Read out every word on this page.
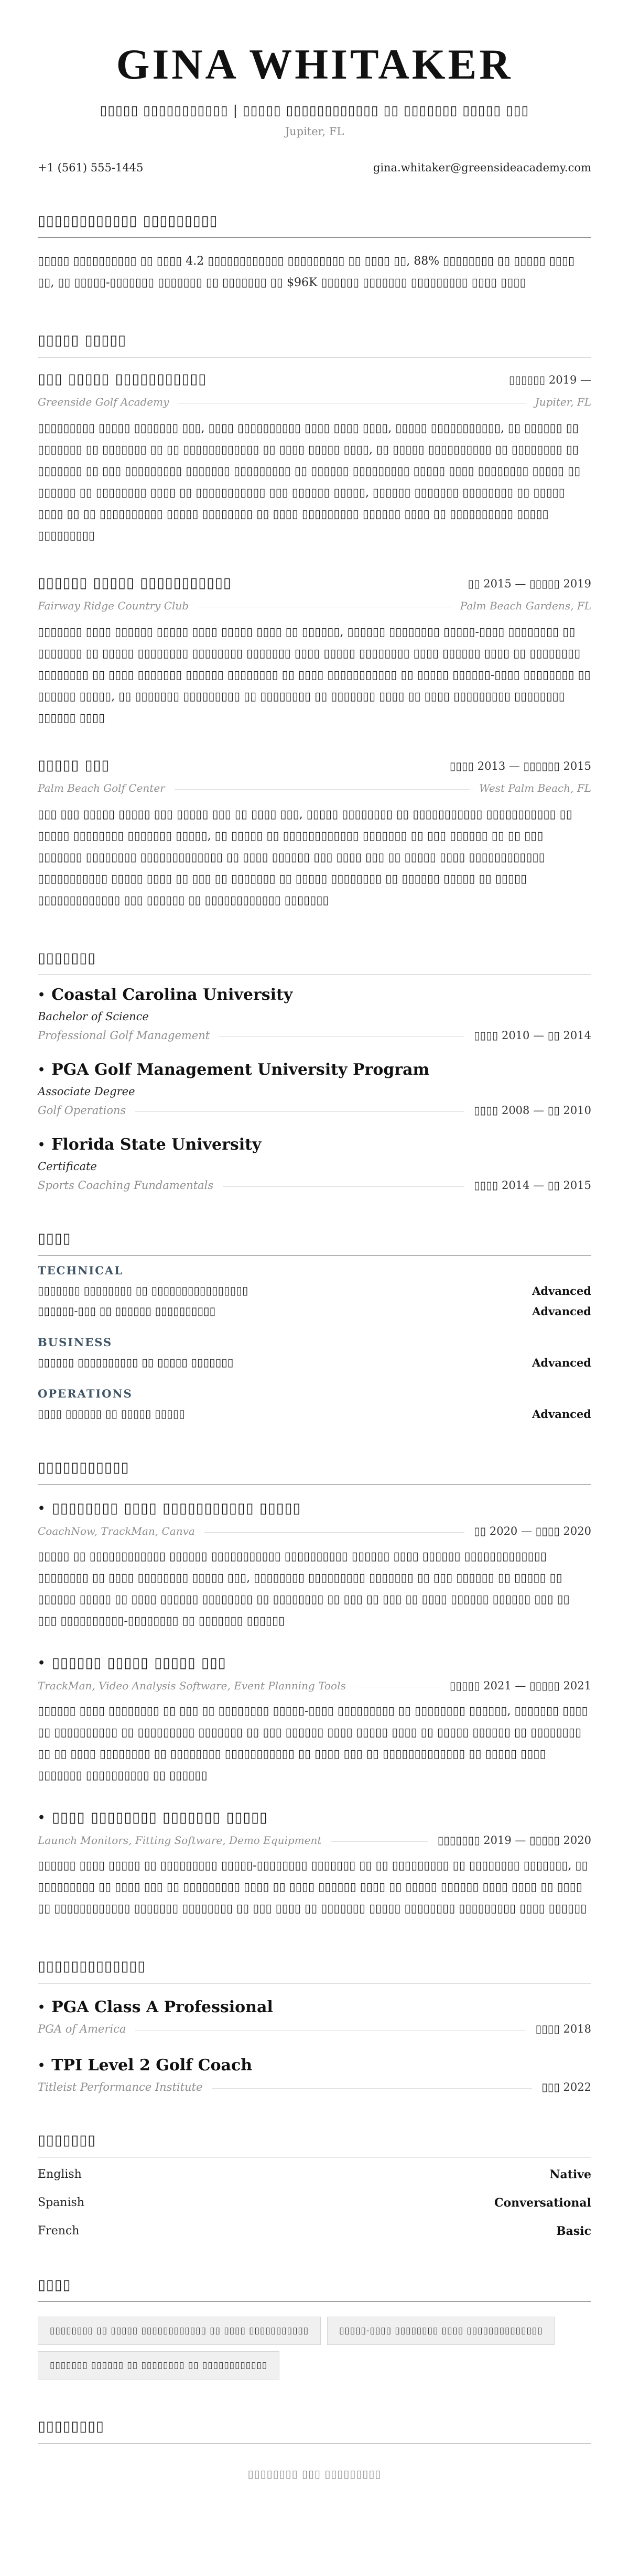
GINA WHITAKER
▯▯▯▯▯ ▯▯▯▯▯▯▯▯▯▯▯ | ▯▯▯▯▯ ▯▯▯▯▯▯▯▯▯▯▯▯ ▯▯ ▯▯▯▯▯▯▯ ▯▯▯▯▯ ▯▯▯
Jupiter, FL
+1 (561) 555-1445	gina.whitaker@greensideacademy.com
▯▯▯▯▯▯▯▯▯▯▯▯ ▯▯▯▯▯▯▯▯▯

▯▯▯▯▯ ▯▯▯▯▯▯▯▯▯▯ ▯▯ ▯▯▯▯ 4.2 ▯▯▯▯▯▯▯▯▯▯▯▯ ▯▯▯▯▯▯▯▯▯ ▯▯ ▯▯▯▯ ▯▯, 88% ▯▯▯▯▯▯▯▯ ▯▯ ▯▯▯▯▯ ▯▯▯▯ ▯▯, ▯▯ ▯▯▯▯▯-▯▯▯▯▯▯▯ ▯▯▯▯▯▯▯ ▯▯ ▯▯▯▯▯▯▯ ▯▯ $96K ▯▯▯▯▯▯ ▯▯▯▯▯▯▯ ▯▯▯▯▯▯▯▯▯ ▯▯▯▯ ▯▯▯▯

▯▯▯▯▯ ▯▯▯▯▯
▯▯▯ ▯▯▯▯▯ ▯▯▯▯▯▯▯▯▯▯▯	▯▯▯▯▯▯ 2019 —
Greenside Golf Academy	Jupiter, FL

▯▯▯▯▯▯▯▯▯ ▯▯▯▯▯ ▯▯▯▯▯▯▯ ▯▯▯, ▯▯▯▯ ▯▯▯▯▯▯▯▯▯▯ ▯▯▯▯ ▯▯▯▯ ▯▯▯▯, ▯▯▯▯▯ ▯▯▯▯▯▯▯▯▯▯▯, ▯▯ ▯▯▯▯▯▯ ▯▯ ▯▯▯▯▯▯▯ ▯▯ ▯▯▯▯▯▯▯ ▯▯ ▯▯ ▯▯▯▯▯▯▯▯▯▯▯▯ ▯▯ ▯▯▯▯ ▯▯▯▯▯ ▯▯▯▯, ▯▯ ▯▯▯▯▯ ▯▯▯▯▯▯▯▯▯▯ ▯▯ ▯▯▯▯▯▯▯▯ ▯▯ ▯▯▯▯▯▯▯ ▯▯ ▯▯▯ ▯▯▯▯▯▯▯▯▯ ▯▯▯▯▯▯▯ ▯▯▯▯▯▯▯▯▯ ▯▯ ▯▯▯▯▯▯ ▯▯▯▯▯▯▯▯▯ ▯▯▯▯▯ ▯▯▯▯ ▯▯▯▯▯▯▯▯ ▯▯▯▯▯ ▯▯ ▯▯▯▯▯▯ ▯▯ ▯▯▯▯▯▯▯▯ ▯▯▯▯ ▯▯ ▯▯▯▯▯▯▯▯▯▯▯ ▯▯▯ ▯▯▯▯▯▯ ▯▯▯▯▯, ▯▯▯▯▯▯ ▯▯▯▯▯▯▯ ▯▯▯▯▯▯▯▯ ▯▯ ▯▯▯▯▯ ▯▯▯▯ ▯▯ ▯▯ ▯▯▯▯▯▯▯▯▯▯ ▯▯▯▯▯ ▯▯▯▯▯▯▯▯ ▯▯ ▯▯▯▯ ▯▯▯▯▯▯▯▯▯ ▯▯▯▯▯▯ ▯▯▯▯ ▯▯ ▯▯▯▯▯▯▯▯▯▯ ▯▯▯▯▯ ▯▯▯▯▯▯▯▯▯

▯▯▯▯▯▯ ▯▯▯▯▯ ▯▯▯▯▯▯▯▯▯▯▯	▯▯ 2015 — ▯▯▯▯▯ 2019
Fairway Ridge Country Club	Palm Beach Gardens, FL

▯▯▯▯▯▯▯ ▯▯▯▯ ▯▯▯▯▯▯ ▯▯▯▯▯ ▯▯▯▯ ▯▯▯▯▯ ▯▯▯▯ ▯▯ ▯▯▯▯▯▯, ▯▯▯▯▯▯ ▯▯▯▯▯▯▯▯ ▯▯▯▯▯-▯▯▯▯ ▯▯▯▯▯▯▯▯ ▯▯ ▯▯▯▯▯▯▯ ▯▯ ▯▯▯▯▯ ▯▯▯▯▯▯▯▯ ▯▯▯▯▯▯▯▯ ▯▯▯▯▯▯▯ ▯▯▯▯ ▯▯▯▯▯ ▯▯▯▯▯▯▯▯ ▯▯▯▯ ▯▯▯▯▯▯ ▯▯▯▯ ▯▯ ▯▯▯▯▯▯▯▯ ▯▯▯▯▯▯▯▯ ▯▯ ▯▯▯▯ ▯▯▯▯▯▯▯ ▯▯▯▯▯▯ ▯▯▯▯▯▯▯▯ ▯▯ ▯▯▯▯ ▯▯▯▯▯▯▯▯▯▯▯ ▯▯ ▯▯▯▯▯ ▯▯▯▯▯▯-▯▯▯▯ ▯▯▯▯▯▯▯▯ ▯▯ ▯▯▯▯▯▯ ▯▯▯▯▯, ▯▯ ▯▯▯▯▯▯▯ ▯▯▯▯▯▯▯▯▯ ▯▯ ▯▯▯▯▯▯▯▯ ▯▯ ▯▯▯▯▯▯▯ ▯▯▯▯ ▯▯ ▯▯▯▯ ▯▯▯▯▯▯▯▯▯ ▯▯▯▯▯▯▯▯ ▯▯▯▯▯▯ ▯▯▯▯

▯▯▯▯▯ ▯▯▯	▯▯▯▯ 2013 — ▯▯▯▯▯▯ 2015
Palm Beach Golf Center	West Palm Beach, FL

▯▯▯ ▯▯▯ ▯▯▯▯▯ ▯▯▯▯▯ ▯▯▯ ▯▯▯▯▯ ▯▯▯ ▯▯ ▯▯▯▯ ▯▯▯, ▯▯▯▯▯ ▯▯▯▯▯▯▯▯ ▯▯ ▯▯▯▯▯▯▯▯▯▯▯ ▯▯▯▯▯▯▯▯▯▯▯ ▯▯ ▯▯▯▯▯ ▯▯▯▯▯▯▯▯ ▯▯▯▯▯▯▯ ▯▯▯▯▯, ▯▯ ▯▯▯▯▯ ▯▯ ▯▯▯▯▯▯▯▯▯▯▯▯ ▯▯▯▯▯▯▯ ▯▯ ▯▯▯ ▯▯▯▯▯▯ ▯▯ ▯▯ ▯▯▯ ▯▯▯▯▯▯▯ ▯▯▯▯▯▯▯▯ ▯▯▯▯▯▯▯▯▯▯▯▯▯ ▯▯ ▯▯▯▯ ▯▯▯▯▯▯ ▯▯▯ ▯▯▯▯ ▯▯▯ ▯▯ ▯▯▯▯▯ ▯▯▯▯ ▯▯▯▯▯▯▯▯▯▯▯▯ ▯▯▯▯▯▯▯▯▯▯▯ ▯▯▯▯▯ ▯▯▯▯ ▯▯ ▯▯▯ ▯▯ ▯▯▯▯▯▯▯ ▯▯ ▯▯▯▯▯ ▯▯▯▯▯▯▯▯ ▯▯ ▯▯▯▯▯▯ ▯▯▯▯▯ ▯▯ ▯▯▯▯▯ ▯▯▯▯▯▯▯▯▯▯▯▯▯ ▯▯▯ ▯▯▯▯▯▯ ▯▯ ▯▯▯▯▯▯▯▯▯▯▯▯ ▯▯▯▯▯▯▯

▯▯▯▯▯▯▯
• Coastal Carolina University
Bachelor of Science
Professional Golf Management	▯▯▯▯ 2010 — ▯▯ 2014
• PGA Golf Management University Program
Associate Degree
Golf Operations	▯▯▯▯ 2008 — ▯▯ 2010
• Florida State University
Certificate
Sports Coaching Fundamentals	▯▯▯▯ 2014 — ▯▯ 2015
▯▯▯▯
TECHNICAL
▯▯▯▯▯▯▯ ▯▯▯▯▯▯▯▯ ▯▯ ▯▯▯▯▯▯▯▯▯▯▯▯▯▯▯▯	Advanced
▯▯▯▯▯▯-▯▯▯ ▯▯ ▯▯▯▯▯▯ ▯▯▯▯▯▯▯▯▯▯	Advanced
BUSINESS
▯▯▯▯▯▯ ▯▯▯▯▯▯▯▯▯▯ ▯▯ ▯▯▯▯▯ ▯▯▯▯▯▯▯	Advanced
OPERATIONS
▯▯▯▯ ▯▯▯▯▯▯ ▯▯ ▯▯▯▯▯ ▯▯▯▯▯	Advanced
▯▯▯▯▯▯▯▯▯▯▯
• ▯▯▯▯▯▯▯▯ ▯▯▯▯ ▯▯▯▯▯▯▯▯▯▯▯ ▯▯▯▯▯
CoachNow, TrackMan, Canva	▯▯ 2020 — ▯▯▯▯ 2020

▯▯▯▯▯ ▯▯ ▯▯▯▯▯▯▯▯▯▯▯▯ ▯▯▯▯▯▯ ▯▯▯▯▯▯▯▯▯▯▯ ▯▯▯▯▯▯▯▯▯▯ ▯▯▯▯▯▯ ▯▯▯▯ ▯▯▯▯▯▯ ▯▯▯▯▯▯▯▯▯▯▯▯▯ ▯▯▯▯▯▯▯▯ ▯▯ ▯▯▯▯ ▯▯▯▯▯▯▯▯ ▯▯▯▯▯ ▯▯▯, ▯▯▯▯▯▯▯▯ ▯▯▯▯▯▯▯▯▯ ▯▯▯▯▯▯▯ ▯▯ ▯▯▯ ▯▯▯▯▯▯ ▯▯ ▯▯▯▯▯ ▯▯ ▯▯▯▯▯▯ ▯▯▯▯▯ ▯▯ ▯▯▯▯ ▯▯▯▯▯▯ ▯▯▯▯▯▯▯▯ ▯▯ ▯▯▯▯▯▯▯▯ ▯▯ ▯▯▯ ▯▯ ▯▯▯ ▯▯ ▯▯▯▯ ▯▯▯▯▯▯ ▯▯▯▯▯▯ ▯▯▯ ▯▯ ▯▯▯ ▯▯▯▯▯▯▯▯▯▯-▯▯▯▯▯▯▯▯ ▯▯ ▯▯▯▯▯▯▯ ▯▯▯▯▯▯

• ▯▯▯▯▯▯ ▯▯▯▯▯ ▯▯▯▯▯ ▯▯▯
TrackMan, Video Analysis Software, Event Planning Tools	▯▯▯▯▯ 2021 — ▯▯▯▯▯ 2021

▯▯▯▯▯▯ ▯▯▯▯ ▯▯▯▯▯▯▯▯ ▯▯ ▯▯▯ ▯▯ ▯▯▯▯▯▯▯▯ ▯▯▯▯▯-▯▯▯▯ ▯▯▯▯▯▯▯▯▯ ▯▯ ▯▯▯▯▯▯▯▯ ▯▯▯▯▯▯, ▯▯▯▯▯▯▯ ▯▯▯▯ ▯▯ ▯▯▯▯▯▯▯▯▯▯ ▯▯ ▯▯▯▯▯▯▯▯▯ ▯▯▯▯▯▯▯ ▯▯ ▯▯▯ ▯▯▯▯▯▯ ▯▯▯▯ ▯▯▯▯▯ ▯▯▯▯ ▯▯ ▯▯▯▯▯ ▯▯▯▯▯▯ ▯▯ ▯▯▯▯▯▯▯▯ ▯▯ ▯▯ ▯▯▯▯ ▯▯▯▯▯▯▯▯ ▯▯ ▯▯▯▯▯▯▯▯ ▯▯▯▯▯▯▯▯▯▯▯ ▯▯ ▯▯▯▯ ▯▯▯ ▯▯ ▯▯▯▯▯▯▯▯▯▯▯▯▯ ▯▯ ▯▯▯▯▯ ▯▯▯▯ ▯▯▯▯▯▯▯ ▯▯▯▯▯▯▯▯▯▯ ▯▯ ▯▯▯▯▯▯

• ▯▯▯▯ ▯▯▯▯▯▯▯▯ ▯▯▯▯▯▯▯ ▯▯▯▯▯
Launch Monitors, Fitting Software, Demo Equipment	▯▯▯▯▯▯▯ 2019 — ▯▯▯▯▯ 2020

▯▯▯▯▯▯ ▯▯▯▯ ▯▯▯▯▯ ▯▯ ▯▯▯▯▯▯▯▯▯ ▯▯▯▯▯-▯▯▯▯▯▯▯▯ ▯▯▯▯▯▯▯ ▯▯ ▯▯ ▯▯▯▯▯▯▯▯▯ ▯▯ ▯▯▯▯▯▯▯▯ ▯▯▯▯▯▯▯, ▯▯ ▯▯▯▯▯▯▯▯▯ ▯▯ ▯▯▯▯ ▯▯▯ ▯▯ ▯▯▯▯▯▯▯▯▯ ▯▯▯▯ ▯▯ ▯▯▯▯ ▯▯▯▯▯▯ ▯▯▯▯ ▯▯ ▯▯▯▯▯ ▯▯▯▯▯▯ ▯▯▯▯ ▯▯▯▯ ▯▯ ▯▯▯▯ ▯▯ ▯▯▯▯▯▯▯▯▯▯▯▯ ▯▯▯▯▯▯▯ ▯▯▯▯▯▯▯▯ ▯▯ ▯▯▯ ▯▯▯▯ ▯▯ ▯▯▯▯▯▯▯ ▯▯▯▯▯ ▯▯▯▯▯▯▯▯ ▯▯▯▯▯▯▯▯▯ ▯▯▯▯ ▯▯▯▯▯▯

▯▯▯▯▯▯▯▯▯▯▯▯▯
• PGA Class A Professional
PGA of America	▯▯▯▯ 2018
• TPI Level 2 Golf Coach
Titleist Performance Institute	▯▯▯ 2022
▯▯▯▯▯▯▯
English	Native
Spanish	Conversational
French	Basic
▯▯▯▯
▯▯▯▯▯▯▯▯ ▯▯ ▯▯▯▯▯ ▯▯▯▯▯▯▯▯▯▯▯▯ ▯▯ ▯▯▯▯ ▯▯▯▯▯▯▯▯▯▯▯	▯▯▯▯▯-▯▯▯▯ ▯▯▯▯▯▯▯▯ ▯▯▯▯ ▯▯▯▯▯▯▯▯▯▯▯▯▯▯
▯▯▯▯▯▯▯ ▯▯▯▯▯▯ ▯▯ ▯▯▯▯▯▯▯▯ ▯▯ ▯▯▯▯▯▯▯▯▯▯▯▯
▯▯▯▯▯▯▯▯
▯▯▯▯▯▯▯▯ ▯▯▯ ▯▯▯▯▯▯▯▯▯
